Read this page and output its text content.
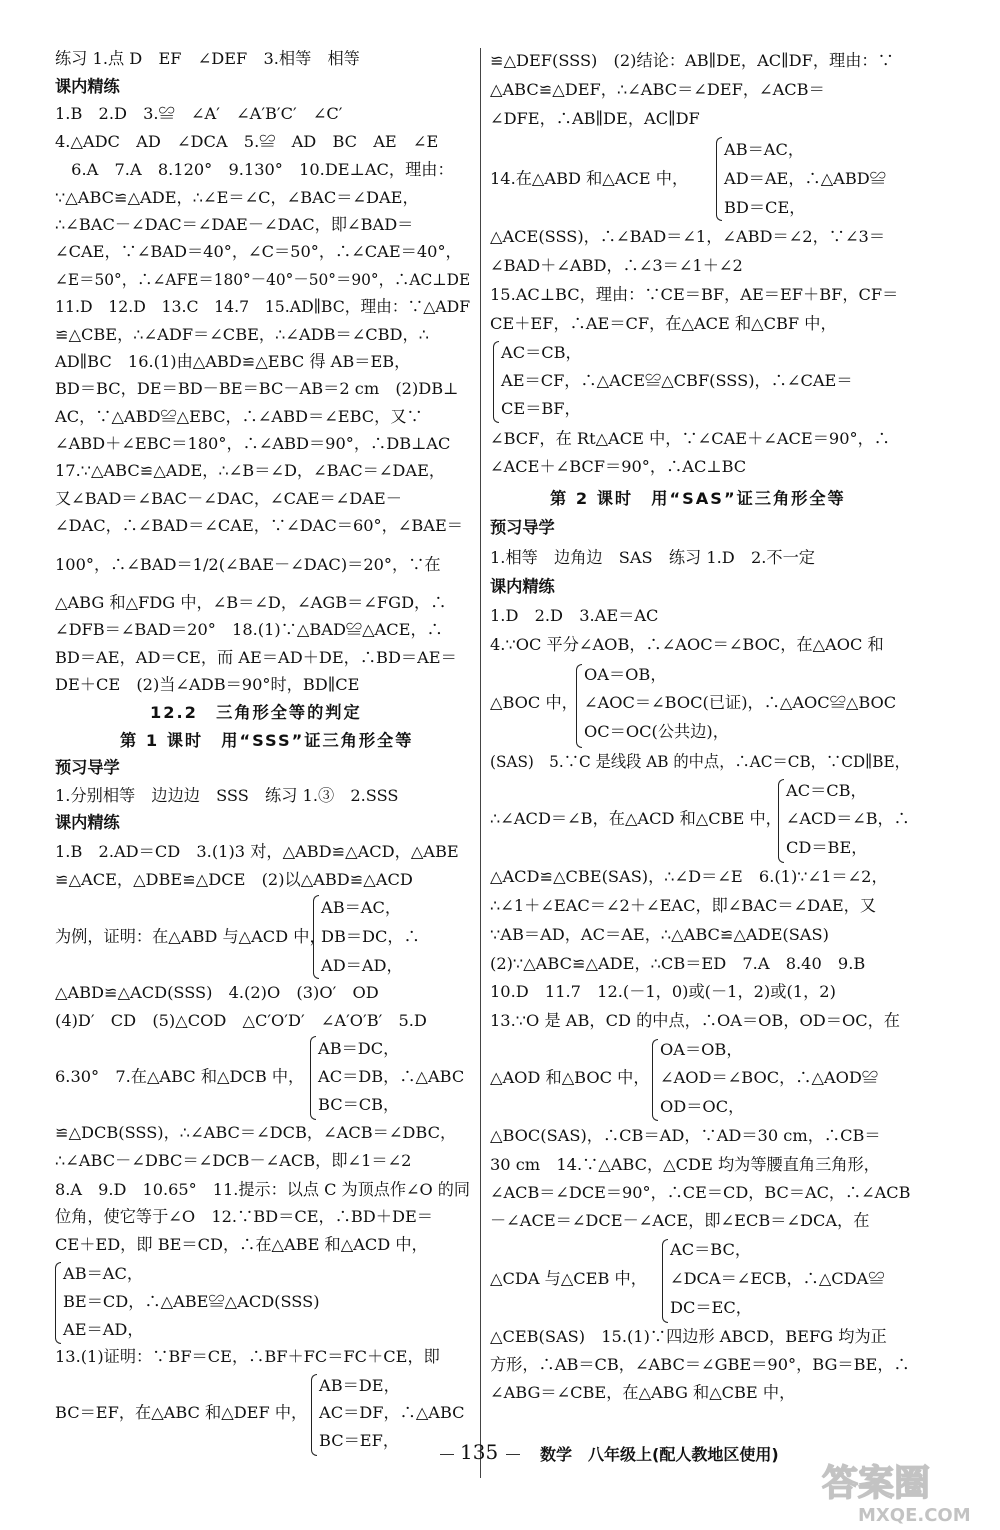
练习 1.点 D　EF　∠DEF　3.相等　相等
课内精练
1.B　2.D　3.≌　∠A′　∠A′B′C′　∠C′
4.△ADC　AD　∠DCA　5.≌　AD　BC　AE　∠E
　6.A　7.A　8.120°　9.130°　10.DE⊥AC，理由：
∵△ABC≌△ADE，∴∠E＝∠C，∠BAC＝∠DAE，
∴∠BAC－∠DAC＝∠DAE－∠DAC，即∠BAD＝
∠CAE，∵∠BAD＝40°，∠C＝50°，∴∠CAE＝40°，
∠E＝50°，∴∠AFE＝180°－40°－50°＝90°，∴AC⊥DE
11.D　12.D　13.C　14.7　15.AD∥BC，理由：∵△ADF
≌△CBE，∴∠ADF＝∠CBE，∴∠ADB＝∠CBD，∴
AD∥BC　16.(1)由△ABD≌△EBC 得 AB＝EB，
BD＝BC，DE＝BD－BE＝BC－AB＝2 cm　(2)DB⊥
AC，∵△ABD≌△EBC，∴∠ABD＝∠EBC，又∵
∠ABD＋∠EBC＝180°，∴∠ABD＝90°，∴DB⊥AC
17.∵△ABC≌△ADE，∴∠B＝∠D，∠BAC＝∠DAE，
又∠BAD＝∠BAC－∠DAC，∠CAE＝∠DAE－
∠DAC，∴∠BAD＝∠CAE，∵∠DAC＝60°，∠BAE＝
100°，∴∠BAD＝1/2(∠BAE－∠DAC)＝20°，∵在
△ABG 和△FDG 中，∠B＝∠D，∠AGB＝∠FGD，∴
∠DFB＝∠BAD＝20°　18.(1)∵△BAD≌△ACE，∴
BD＝AE，AD＝CE，而 AE＝AD＋DE，∴BD＝AE＝
DE＋CE　(2)当∠ADB＝90°时，BD∥CE
12.2　三角形全等的判定
第 1 课时　用“SSS”证三角形全等
预习导学
1.分别相等　边边边　SSS　练习 1.③　2.SSS
课内精练
1.B　2.AD＝CD　3.(1)3 对，△ABD≌△ACD，△ABE
≌△ACE，△DBE≌△DCE　(2)以△ABD≌△ACD
为例，证明：在△ABD 与△ACD 中，
AB＝AC，
DB＝DC，∴
AD＝AD，
△ABD≌△ACD(SSS)　4.(2)O　(3)O′　OD
(4)D′　CD　(5)△COD　△C′O′D′　∠A′O′B′　5.D
6.30°　7.在△ABC 和△DCB 中，
AB＝DC，
AC＝DB，∴△ABC
BC＝CB，
≌△DCB(SSS)，∴∠ABC＝∠DCB，∠ACB＝∠DBC，
∴∠ABC－∠DBC＝∠DCB－∠ACB，即∠1＝∠2
8.A　9.D　10.65°　11.提示：以点 C 为顶点作∠O 的同
位角，使它等于∠O　12.∵BD＝CE，∴BD＋DE＝
CE＋ED，即 BE＝CD，∴在△ABE 和△ACD 中，
AB＝AC，
BE＝CD，∴△ABE≌△ACD(SSS)
AE＝AD，
13.(1)证明：∵BF＝CE，∴BF＋FC＝FC＋CE，即
BC＝EF，在△ABC 和△DEF 中，
AB＝DE，
AC＝DF，∴△ABC
BC＝EF，
≌△DEF(SSS)　(2)结论：AB∥DE，AC∥DF，理由：∵
△ABC≌△DEF，∴∠ABC＝∠DEF，∠ACB＝
∠DFE，∴AB∥DE，AC∥DF
14.在△ABD 和△ACE 中，
AB＝AC，
AD＝AE，∴△ABD≌
BD＝CE，
△ACE(SSS)，∴∠BAD＝∠1，∠ABD＝∠2，∵∠3＝
∠BAD＋∠ABD，∴∠3＝∠1＋∠2
15.AC⊥BC，理由：∵CE＝BF，AE＝EF＋BF，CF＝
CE＋EF，∴AE＝CF，在△ACE 和△CBF 中，
AC＝CB，
AE＝CF，∴△ACE≌△CBF(SSS)，∴∠CAE＝
CE＝BF，
∠BCF，在 Rt△ACE 中，∵∠CAE＋∠ACE＝90°，∴
∠ACE＋∠BCF＝90°，∴AC⊥BC
第 2 课时　用“SAS”证三角形全等
预习导学
1.相等　边角边　SAS　练习 1.D　2.不一定
课内精练
1.D　2.D　3.AE＝AC
4.∵OC 平分∠AOB，∴∠AOC＝∠BOC，在△AOC 和
△BOC 中，
OA＝OB，
∠AOC＝∠BOC(已证)，∴△AOC≌△BOC
OC＝OC(公共边)，
(SAS)　5.∵C 是线段 AB 的中点，∴AC＝CB，∵CD∥BE，
∴∠ACD＝∠B，在△ACD 和△CBE 中，
AC＝CB，
∠ACD＝∠B，∴
CD＝BE，
△ACD≌△CBE(SAS)，∴∠D＝∠E　6.(1)∵∠1＝∠2，
∴∠1＋∠EAC＝∠2＋∠EAC，即∠BAC＝∠DAE，又
∵AB＝AD，AC＝AE，∴△ABC≌△ADE(SAS)
(2)∵△ABC≌△ADE，∴CB＝ED　7.A　8.40　9.B
10.D　11.7　12.(－1，0)或(－1，2)或(1，2)
13.∵O 是 AB，CD 的中点，∴OA＝OB，OD＝OC，在
△AOD 和△BOC 中，
OA＝OB，
∠AOD＝∠BOC，∴△AOD≌
OD＝OC，
△BOC(SAS)，∴CB＝AD，∵AD＝30 cm，∴CB＝
30 cm　14.∵△ABC，△CDE 均为等腰直角三角形，
∠ACB＝∠DCE＝90°，∴CE＝CD，BC＝AC，∴∠ACB
－∠ACE＝∠DCE－∠ACE，即∠ECB＝∠DCA，在
△CDA 与△CEB 中，
AC＝BC，
∠DCA＝∠ECB，∴△CDA≌
DC＝EC，
△CEB(SAS)　15.(1)∵四边形 ABCD，BEFG 均为正
方形，∴AB＝CB，∠ABC＝∠GBE＝90°，BG＝BE，∴
∠ABG＝∠CBE，在△ABG 和△CBE 中，
135	数学　八年级上(配人教地区使用)
答案圈
MXQE.COM
